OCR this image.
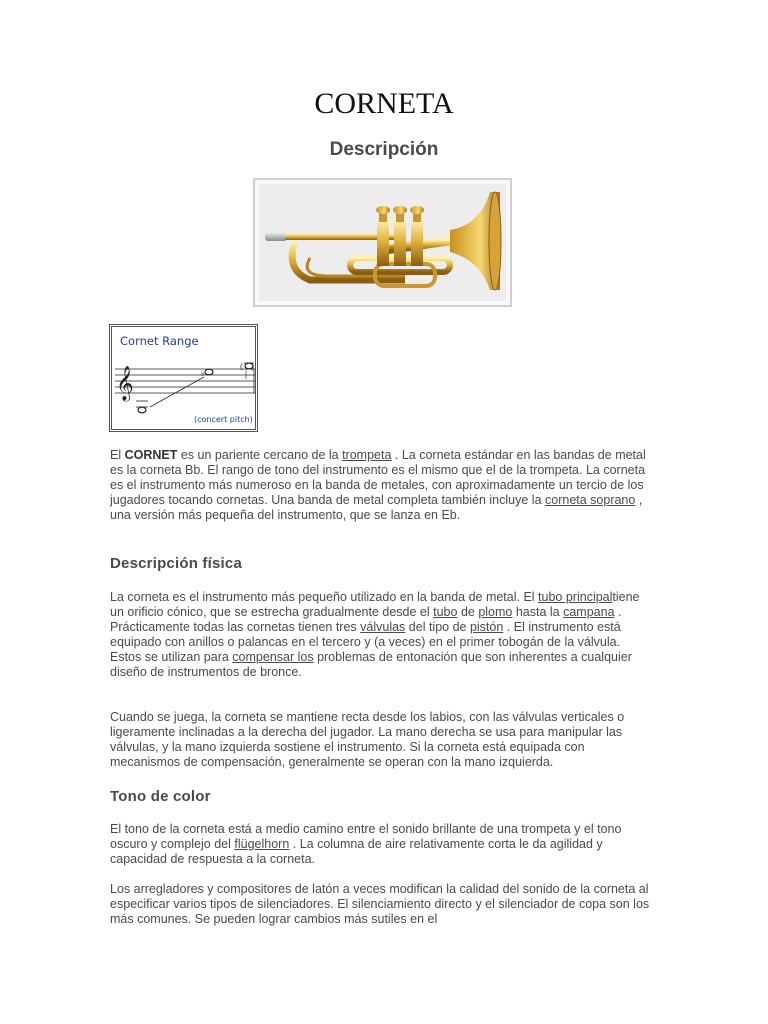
CORNETA
Descripción
Cornet Range
𝄞	♭
( )
(concert pitch)

El CORNET es un pariente cercano de la trompeta . La corneta estándar en las bandas de metal es la corneta Bb. El rango de tono del instrumento es el mismo que el de la trompeta. La corneta es el instrumento más numeroso en la banda de metales, con aproximadamente un tercio de los jugadores tocando cornetas. Una banda de metal completa también incluye la corneta soprano , una versión más pequeña del instrumento, que se lanza en Eb.

Descripción física

La corneta es el instrumento más pequeño utilizado en la banda de metal. El tubo principaltiene un orificio cónico, que se estrecha gradualmente desde el tubo de plomo hasta la campana . Prácticamente todas las cornetas tienen tres válvulas del tipo de pistón . El instrumento está equipado con anillos o palancas en el tercero y (a veces) en el primer tobogán de la válvula. Estos se utilizan para compensar los problemas de entonación que son inherentes a cualquier diseño de instrumentos de bronce.

Cuando se juega, la corneta se mantiene recta desde los labios, con las válvulas verticales o ligeramente inclinadas a la derecha del jugador. La mano derecha se usa para manipular las válvulas, y la mano izquierda sostiene el instrumento. Si la corneta está equipada con mecanismos de compensación, generalmente se operan con la mano izquierda.

Tono de color

El tono de la corneta está a medio camino entre el sonido brillante de una trompeta y el tono oscuro y complejo del flügelhorn . La columna de aire relativamente corta le da agilidad y capacidad de respuesta a la corneta.

Los arregladores y compositores de latón a veces modifican la calidad del sonido de la corneta al especificar varios tipos de silenciadores. El silenciamiento directo y el silenciador de copa son los más comunes. Se pueden lograr cambios más sutiles en el
